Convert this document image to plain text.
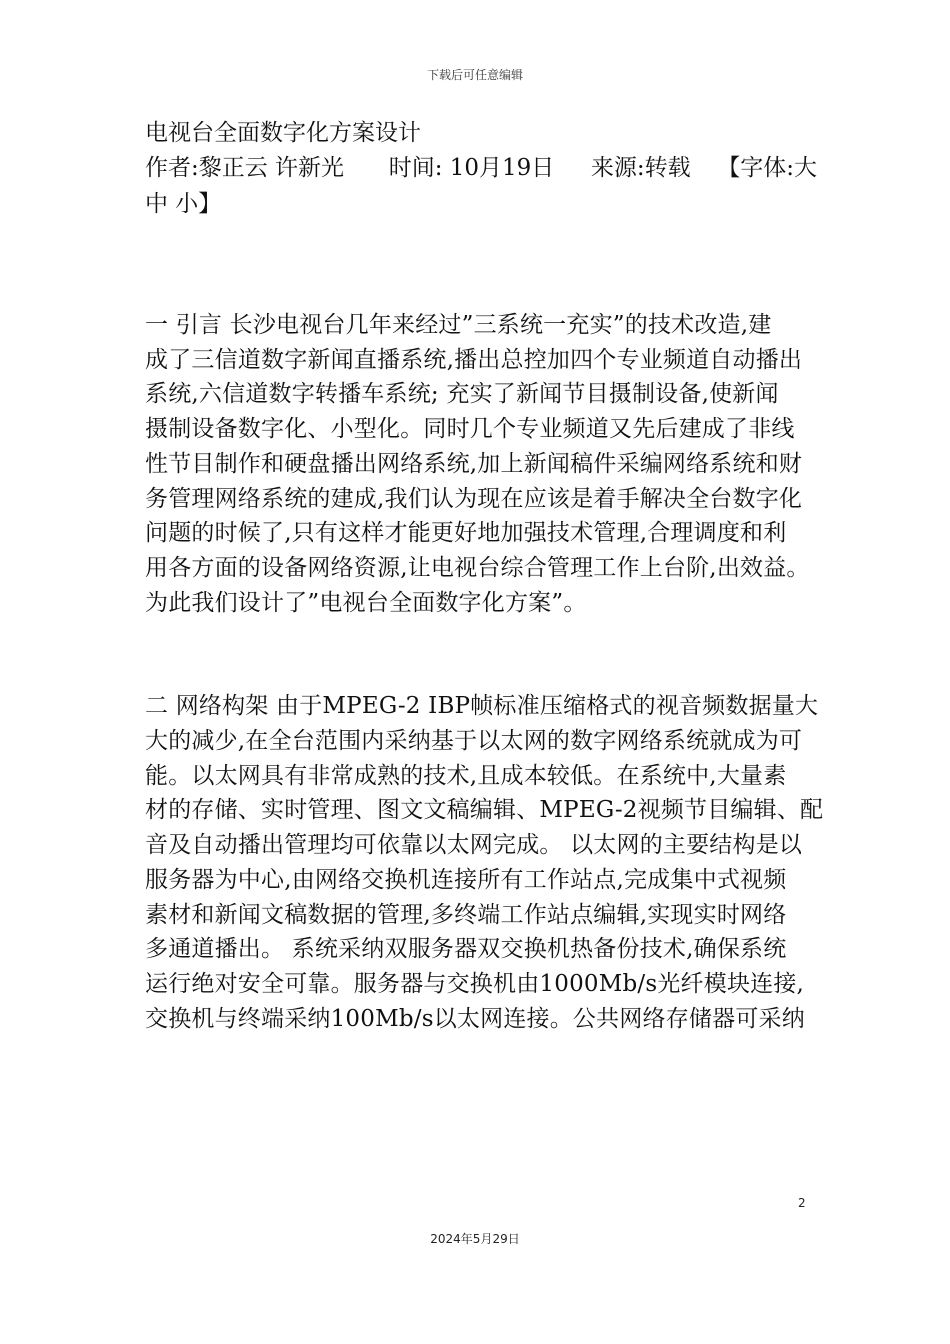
下载后可任意编辑
电视台全面数字化方案设计
作者:黎正云 许新光 时间: 10月19日 来源:转载 【字体:大
中 小】
一 引言 长沙电视台几年来经过”三系统一充实”的技术改造,建
成了三信道数字新闻直播系统,播出总控加四个专业频道自动播出
系统,六信道数字转播车系统; 充实了新闻节目摄制设备,使新闻
摄制设备数字化、小型化。同时几个专业频道又先后建成了非线
性节目制作和硬盘播出网络系统,加上新闻稿件采编网络系统和财
务管理网络系统的建成,我们认为现在应该是着手解决全台数字化
问题的时候了,只有这样才能更好地加强技术管理,合理调度和利
用各方面的设备网络资源,让电视台综合管理工作上台阶,出效益。
为此我们设计了”电视台全面数字化方案”。
二 网络构架 由于MPEG-2 IBP帧标准压缩格式的视音频数据量大
大的减少,在全台范围内采纳基于以太网的数字网络系统就成为可
能。以太网具有非常成熟的技术,且成本较低。在系统中,大量素
材的存储、实时管理、图文文稿编辑、MPEG-2视频节目编辑、配
音及自动播出管理均可依靠以太网完成。 以太网的主要结构是以
服务器为中心,由网络交换机连接所有工作站点,完成集中式视频
素材和新闻文稿数据的管理,多终端工作站点编辑,实现实时网络
多通道播出。 系统采纳双服务器双交换机热备份技术,确保系统
运行绝对安全可靠。服务器与交换机由1000Mb/s光纤模块连接,
交换机与终端采纳100Mb/s以太网连接。公共网络存储器可采纳
2
2024年5月29日
